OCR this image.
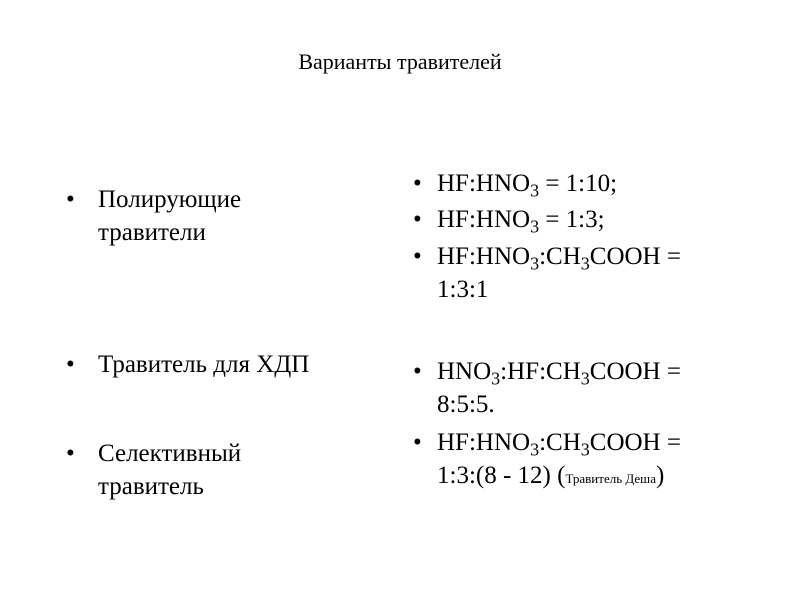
Варианты травителей
• Полирующие
травители
• Травитель для ХДП
• Селективный
травитель
• $HF:HNO_3$ = 1:10;
• $HF:HNO_3$ = 1:3;
• $HF:HNO_3:CH_3COOH$ =
1:3:1
• $HNO_3:HF:CH_3COOH$ =
8:5:5.
• $HF:HNO_3:CH_3COOH$ =
1:3:(8 - 12) (Травитель Деша)
